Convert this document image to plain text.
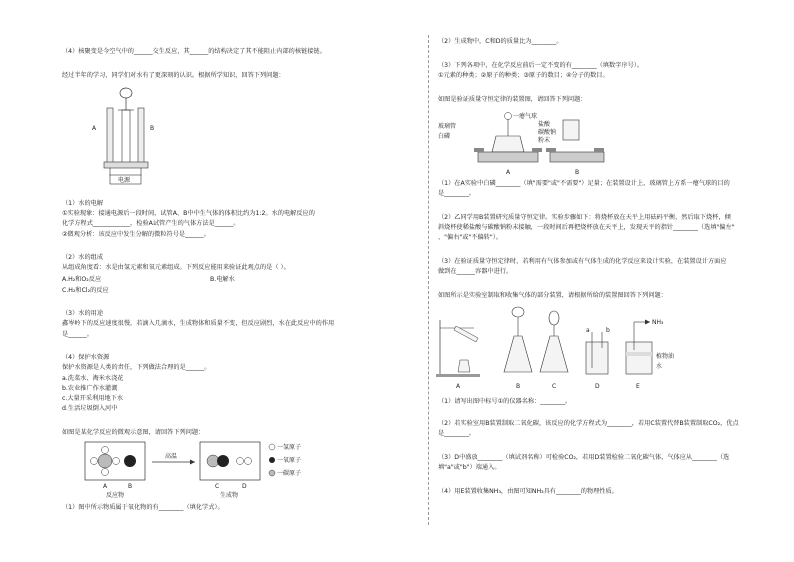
（4）核聚变是今空气中的______交生反应，其______的结构决定了其不能阻止内部的核链接链。
经过半年的学习，同学们对水有了更深刻的认识。根据所学知识，回答下列问题：
A	B
电源
（1）水的电解
①实验现象：接通电源后一段时间，试管A、B中中生气体的体积比约为1:2。水的电解反应的
化学方程式____________，检验A试管产生的气体方法是______。
②微观分析：该反应中发生分解的微粒符号是______。
（2）水的组成
从组成角度看：水是由氢元素和氧元素组成。下列反应能用来验证此观点的是（ ）。
A.H₂和O₂反应	B.电解水
C.H₂和Cl₂的反应
（3）水的用途
鑫岑岭下的反应速度很慢，若滴入几滴水，生成物体和质量不变，但反应剧烈，水在此反应中的作用
是______。
（4）保护水资源
保护水资源是人类的责任，下列做法合理的是______。
a.洗菜水、淘米水浇花
b.农业推广作水灌溉
c.大量开采利用地下水
d.生活垃圾倒入河中
如图是某化学反应的微观示意图，请回答下列问题：
高温
一氢原子
一氧原子
一碳原子
A	B	C	D
反应物	生成物
（1）图中所示物质属于氧化物的有________（填化学式）。
（2）生成物中，C和D的质量比为________。
（3）下列各项中，在化学反应前后一定不变的有________（填数字序号）。
①元素的种类；②原子的种类；③原子的数目；④分子的数目。
如图是验证质量守恒定律的装置图，请回答下列问题：
玻璃管
白磷
一瘪气球
A
盐酸
碳酸钠
粉末
B
（1）在A实验中白磷________（填"需要"或"不需要"）足量；在装置设计上，玻璃管上方系一瘪气球的目的
是________。
（2）乙同学用B装置研究质量守恒定律。实验步骤如下：将烧杯放在天平上用砝码平衡，然后取下烧杯，倾
斜烧杯使稀盐酸与碳酸钠粉末接触，一段时间后再把烧杯放在天平上，发现天平的指针________（选填"偏左"
、"偏右"或"不偏转"）。
（3）在验证质量守恒定律时，若利用有气体参加或有气体生成的化学反应来设计实验，在装置设计方面应
做到在______容器中进行。
如图所示是实验室制取和收集气体的部分装置，请根据所给的装置图回答下列问题：
A	B	C
a	b
D
NH₃
植物油
水
E
（1）请写出图中标号①的仪器名称：________。
（2）若实验室用B装置制取二氧化碳，该反应的化学方程式为________，若用C装置代替B装置制取CO₂，优点
是________。
（3）D中盛放________（填试剂名称）可检验CO₂，若用D装置检验二氧化碳气体，气体应从________（选
填"a"或"b"）端通入。
（4）用E装置收集NH₃，由图可知NH₃具有________的物理性质。
